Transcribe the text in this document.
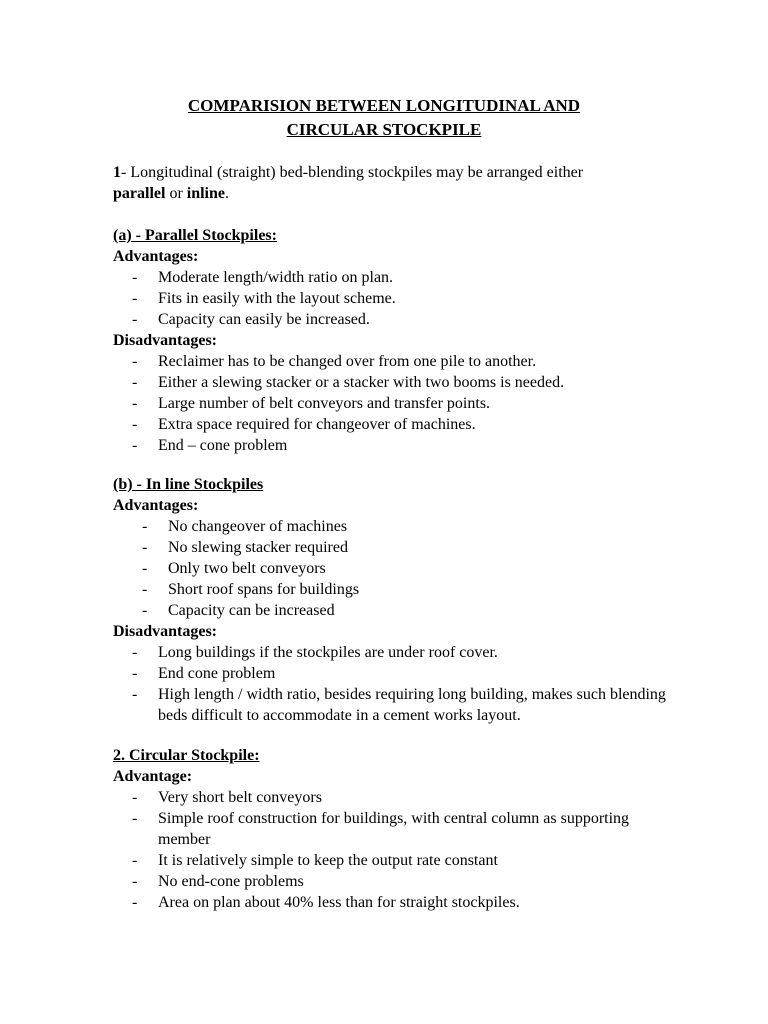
COMPARISION BETWEEN LONGITUDINAL AND
CIRCULAR STOCKPILE

1- Longitudinal (straight) bed-blending stockpiles may be arranged either
parallel or inline.

(a) - Parallel Stockpiles:

Advantages:

- Moderate length/width ratio on plan.
- Fits in easily with the layout scheme.
- Capacity can easily be increased.

Disadvantages:

- Reclaimer has to be changed over from one pile to another.
- Either a slewing stacker or a stacker with two booms is needed.
- Large number of belt conveyors and transfer points.
- Extra space required for changeover of machines.
- End – cone problem

(b) - In line Stockpiles

Advantages:

- No changeover of machines
- No slewing stacker required
- Only two belt conveyors
- Short roof spans for buildings
- Capacity can be increased

Disadvantages:

- Long buildings if the stockpiles are under roof cover.
- End cone problem
- High length / width ratio, besides requiring long building, makes such blending beds difficult to accommodate in a cement works layout.

2. Circular Stockpile:

Advantage:

- Very short belt conveyors
- Simple roof construction for buildings, with central column as supporting member
- It is relatively simple to keep the output rate constant
- No end-cone problems
- Area on plan about 40% less than for straight stockpiles.
